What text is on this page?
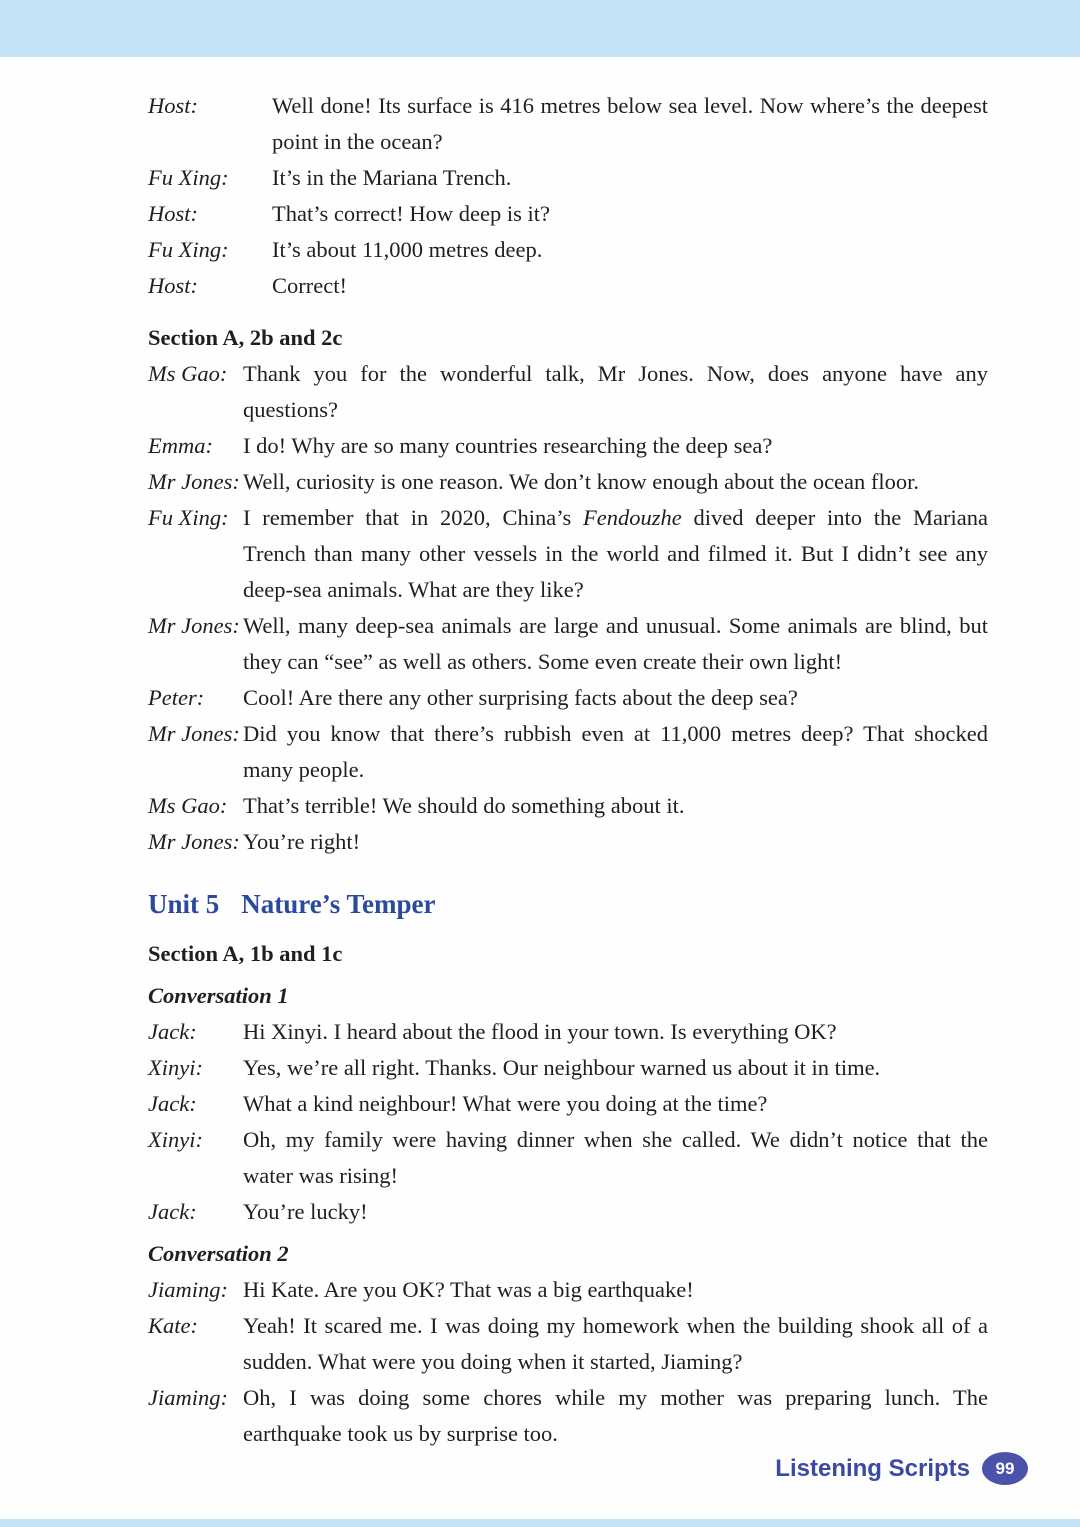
Host:	Well done! Its surface is 416 metres below sea level. Now where’s the deepest point in the ocean?
Fu Xing: It’s in the Mariana Trench.
Host:	That’s correct! How deep is it?
Fu Xing: It’s about 11,000 metres deep.
Host:	Correct!
Section A, 2b and 2c
Ms Gao: Thank you for the wonderful talk, Mr Jones. Now, does anyone have any questions?
Emma: I do! Why are so many countries researching the deep sea?
Mr Jones: Well, curiosity is one reason. We don’t know enough about the ocean floor.
Fu Xing: I remember that in 2020, China’s Fendouzhe dived deeper into the Mariana Trench than many other vessels in the world and filmed it. But I didn’t see any deep-sea animals. What are they like?
Mr Jones: Well, many deep-sea animals are large and unusual. Some animals are blind, but they can “see” as well as others. Some even create their own light!
Peter: Cool! Are there any other surprising facts about the deep sea?
Mr Jones: Did you know that there’s rubbish even at 11,000 metres deep? That shocked many people.
Ms Gao: That’s terrible! We should do something about it.
Mr Jones: You’re right!
Unit 5 Nature’s Temper
Section A, 1b and 1c
Conversation 1
Jack: Hi Xinyi. I heard about the flood in your town. Is everything OK?
Xinyi: Yes, we’re all right. Thanks. Our neighbour warned us about it in time.
Jack: What a kind neighbour! What were you doing at the time?
Xinyi: Oh, my family were having dinner when she called. We didn’t notice that the water was rising!
Jack: You’re lucky!
Conversation 2
Jiaming: Hi Kate. Are you OK? That was a big earthquake!
Kate: Yeah! It scared me. I was doing my homework when the building shook all of a sudden. What were you doing when it started, Jiaming?
Jiaming: Oh, I was doing some chores while my mother was preparing lunch. The earthquake took us by surprise too.
Listening Scripts	99
